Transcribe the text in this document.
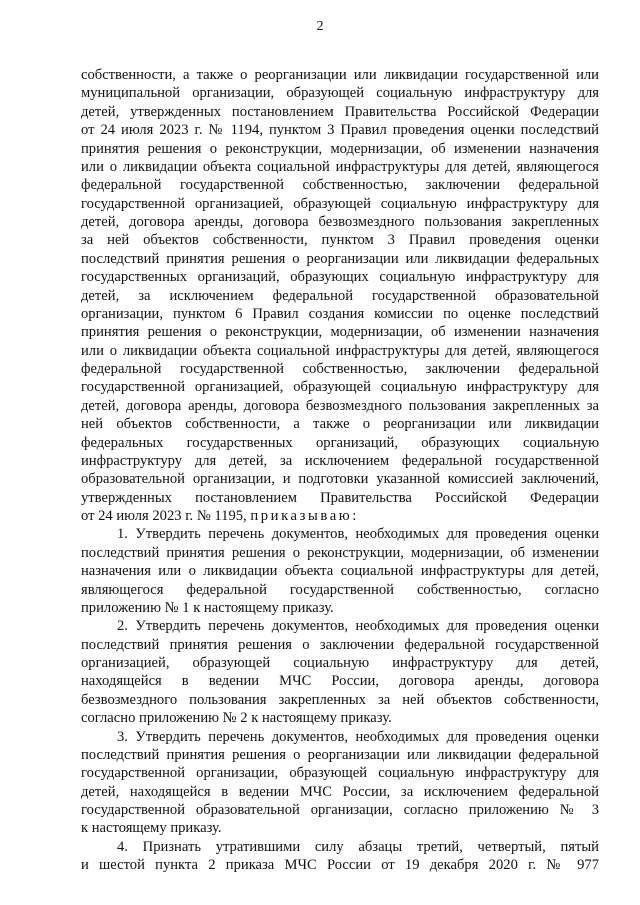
2
собственности, а также о реорганизации или ликвидации государственной или
муниципальной организации, образующей социальную инфраструктуру для
детей, утвержденных постановлением Правительства Российской Федерации
от 24 июля 2023 г. № 1194, пунктом 3 Правил проведения оценки последствий
принятия решения о реконструкции, модернизации, об изменении назначения
или о ликвидации объекта социальной инфраструктуры для детей, являющегося
федеральной государственной собственностью, заключении федеральной
государственной организацией, образующей социальную инфраструктуру для
детей, договора аренды, договора безвозмездного пользования закрепленных
за ней объектов собственности, пунктом 3 Правил проведения оценки
последствий принятия решения о реорганизации или ликвидации федеральных
государственных организаций, образующих социальную инфраструктуру для
детей, за исключением федеральной государственной образовательной
организации, пунктом 6 Правил создания комиссии по оценке последствий
принятия решения о реконструкции, модернизации, об изменении назначения
или о ликвидации объекта социальной инфраструктуры для детей, являющегося
федеральной государственной собственностью, заключении федеральной
государственной организацией, образующей социальную инфраструктуру для
детей, договора аренды, договора безвозмездного пользования закрепленных за
ней объектов собственности, а также о реорганизации или ликвидации
федеральных государственных организаций, образующих социальную
инфраструктуру для детей, за исключением федеральной государственной
образовательной организации, и подготовки указанной комиссией заключений,
утвержденных постановлением Правительства Российской Федерации
от 24 июля 2023 г. № 1195, приказываю:
1. Утвердить перечень документов, необходимых для проведения оценки
последствий принятия решения о реконструкции, модернизации, об изменении
назначения или о ликвидации объекта социальной инфраструктуры для детей,
являющегося федеральной государственной собственностью, согласно
приложению № 1 к настоящему приказу.
2. Утвердить перечень документов, необходимых для проведения оценки
последствий принятия решения о заключении федеральной государственной
организацией, образующей социальную инфраструктуру для детей,
находящейся в ведении МЧС России, договора аренды, договора
безвозмездного пользования закрепленных за ней объектов собственности,
согласно приложению № 2 к настоящему приказу.
3. Утвердить перечень документов, необходимых для проведения оценки
последствий принятия решения о реорганизации или ликвидации федеральной
государственной организации, образующей социальную инфраструктуру для
детей, находящейся в ведении МЧС России, за исключением федеральной
государственной образовательной организации, согласно приложению № 3
к настоящему приказу.
4. Признать утратившими силу абзацы третий, четвертый, пятый
и шестой пункта 2 приказа МЧС России от 19 декабря 2020 г. № 977
